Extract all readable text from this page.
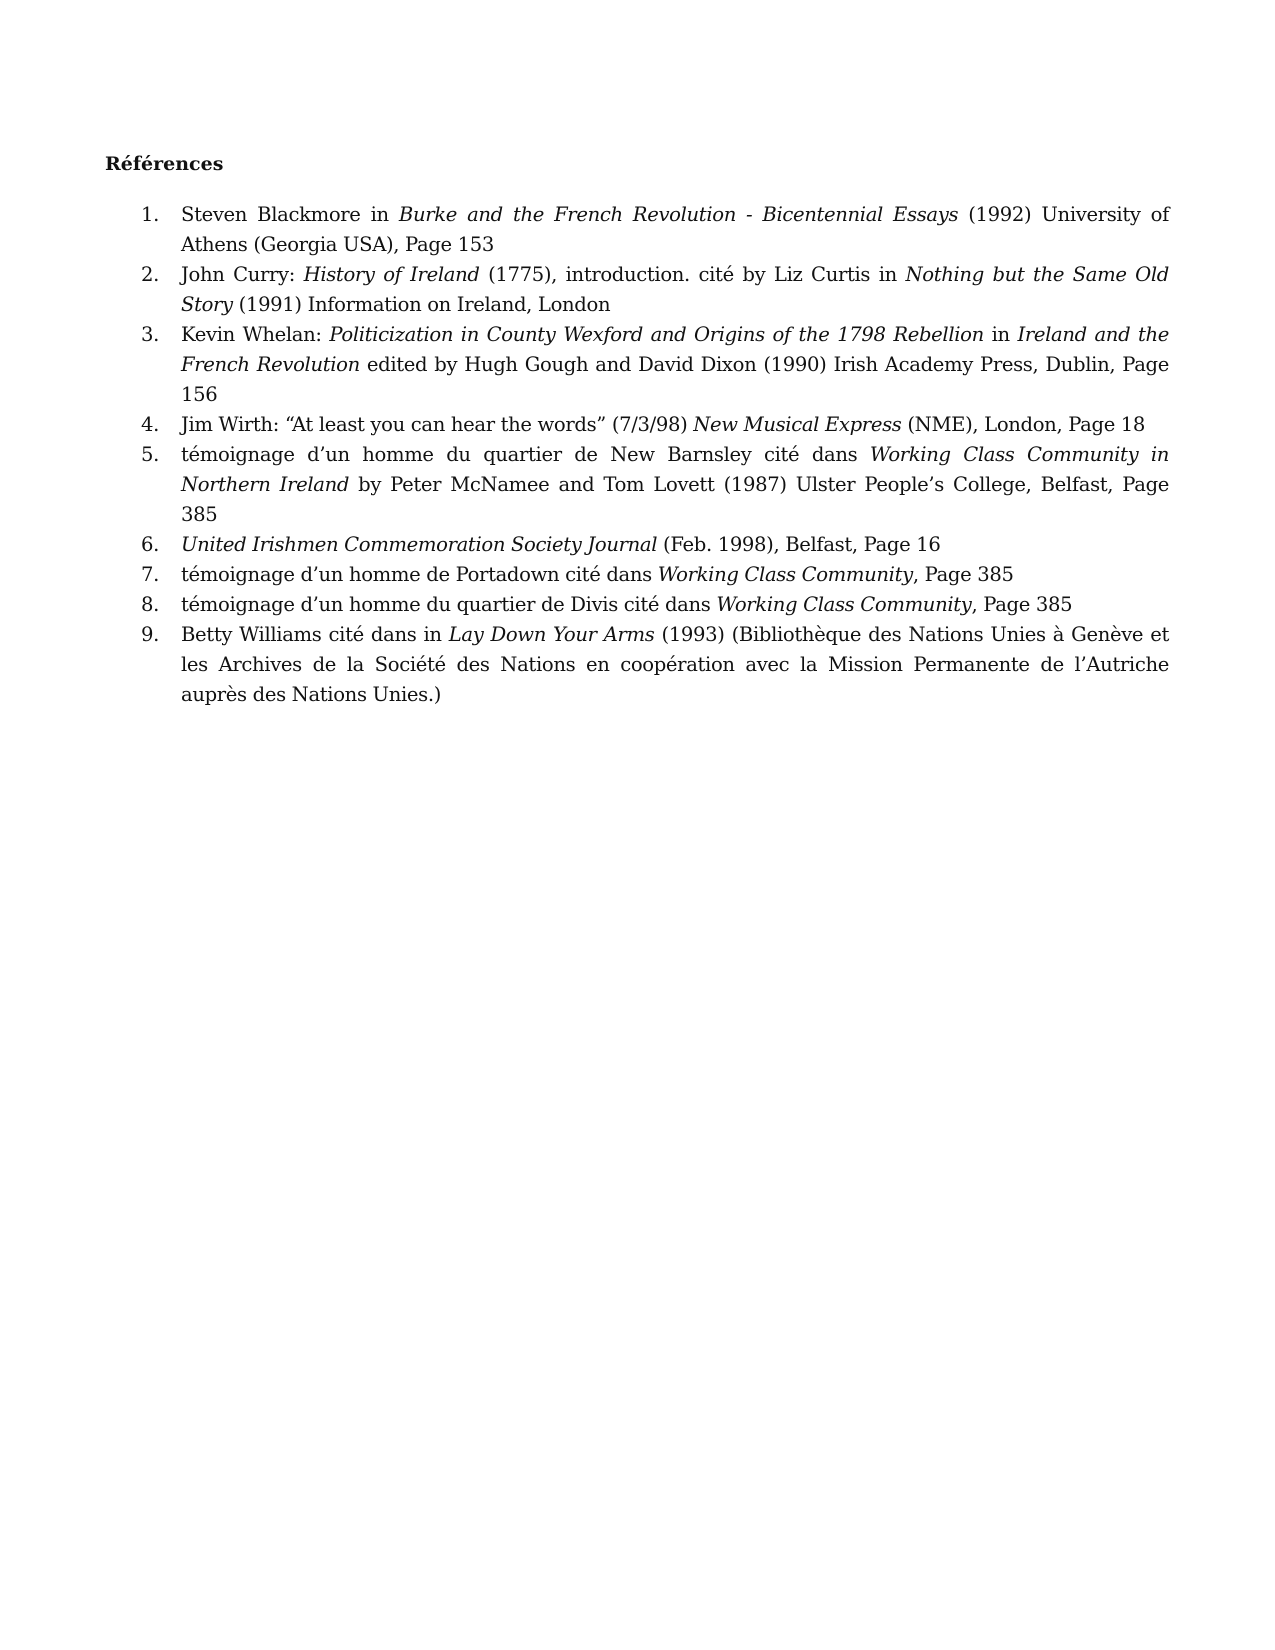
Références
1.	Steven Blackmore in Burke and the French Revolution - Bicentennial Essays (1992) University of Athens (Georgia USA), Page 153
2.	John Curry: History of Ireland (1775), introduction. cité by Liz Curtis in Nothing but the Same Old Story (1991) Information on Ireland, London
3.	Kevin Whelan: Politicization in County Wexford and Origins of the 1798 Rebellion in Ireland and the French Revolution edited by Hugh Gough and David Dixon (1990) Irish Academy Press, Dublin, Page 156
4.	Jim Wirth: “At least you can hear the words” (7/3/98) New Musical Express (NME), London, Page 18
5.	témoignage d’un homme du quartier de New Barnsley cité dans Working Class Community in Northern Ireland by Peter McNamee and Tom Lovett (1987) Ulster People’s College, Belfast, Page 385
6.	United Irishmen Commemoration Society Journal (Feb. 1998), Belfast, Page 16
7.	témoignage d’un homme de Portadown cité dans Working Class Community, Page 385
8.	témoignage d’un homme du quartier de Divis cité dans Working Class Community, Page 385
9.	Betty Williams cité dans in Lay Down Your Arms (1993) (Bibliothèque des Nations Unies à Genève et les Archives de la Société des Nations en coopération avec la Mission Permanente de l’Autriche auprès des Nations Unies.)
